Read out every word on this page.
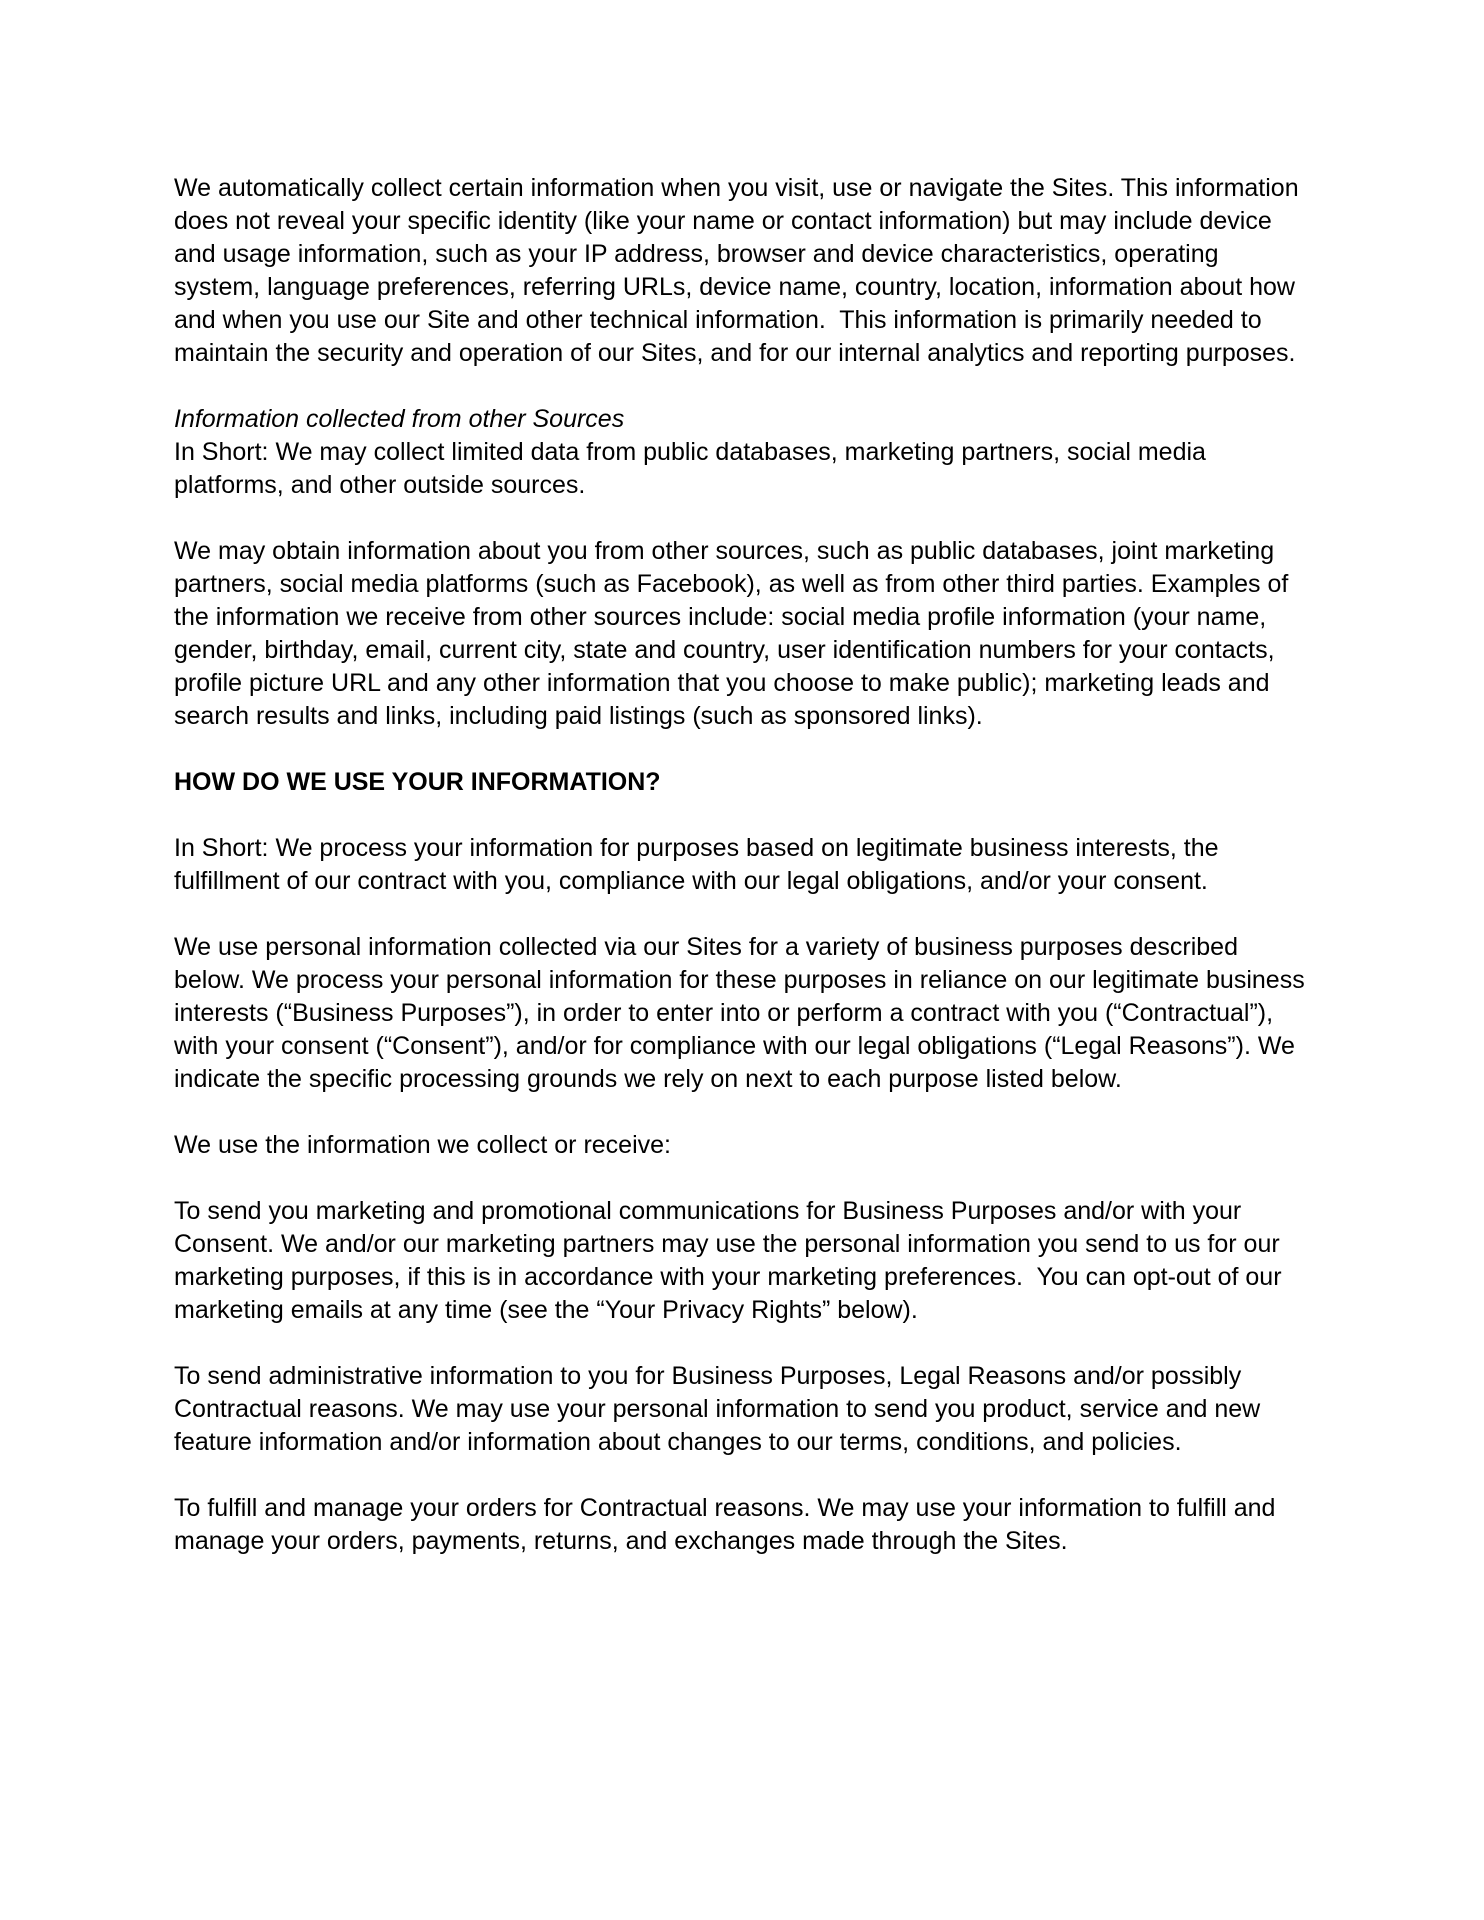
We automatically collect certain information when you visit, use or navigate the Sites. This information does not reveal your specific identity (like your name or contact information) but may include device and usage information, such as your IP address, browser and device characteristics, operating system, language preferences, referring URLs, device name, country, location, information about how and when you use our Site and other technical information.  This information is primarily needed to maintain the security and operation of our Sites, and for our internal analytics and reporting purposes.

Information collected from other Sources

In Short: We may collect limited data from public databases, marketing partners, social media platforms, and other outside sources.

We may obtain information about you from other sources, such as public databases, joint marketing partners, social media platforms (such as Facebook), as well as from other third parties. Examples of the information we receive from other sources include: social media profile information (your name, gender, birthday, email, current city, state and country, user identification numbers for your contacts, profile picture URL and any other information that you choose to make public); marketing leads and search results and links, including paid listings (such as sponsored links).

HOW DO WE USE YOUR INFORMATION?

In Short: We process your information for purposes based on legitimate business interests, the fulfillment of our contract with you, compliance with our legal obligations, and/or your consent.

We use personal information collected via our Sites for a variety of business purposes described below. We process your personal information for these purposes in reliance on our legitimate business interests (“Business Purposes”), in order to enter into or perform a contract with you (“Contractual”), with your consent (“Consent”), and/or for compliance with our legal obligations (“Legal Reasons”). We indicate the specific processing grounds we rely on next to each purpose listed below.

We use the information we collect or receive:

To send you marketing and promotional communications for Business Purposes and/or with your Consent. We and/or our marketing partners may use the personal information you send to us for our marketing purposes, if this is in accordance with your marketing preferences.  You can opt-out of our marketing emails at any time (see the “Your Privacy Rights” below).

To send administrative information to you for Business Purposes, Legal Reasons and/or possibly Contractual reasons. We may use your personal information to send you product, service and new feature information and/or information about changes to our terms, conditions, and policies.

To fulfill and manage your orders for Contractual reasons. We may use your information to fulfill and manage your orders, payments, returns, and exchanges made through the Sites.
